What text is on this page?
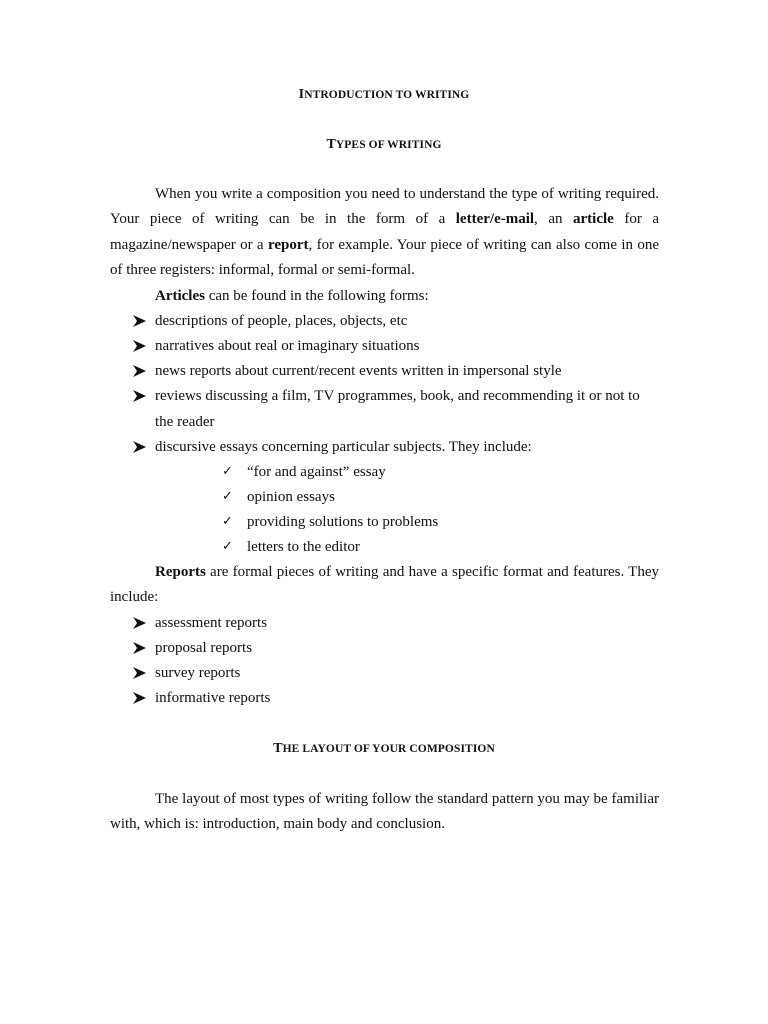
INTRODUCTION TO WRITING
TYPES OF WRITING

When you write a composition you need to understand the type of writing required. Your piece of writing can be in the form of a letter/e-mail, an article for a magazine/newspaper or a report, for example. Your piece of writing can also come in one of three registers: informal, formal or semi-formal.

Articles can be found in the following forms:
descriptions of people, places, objects, etc
narratives about real or imaginary situations
news reports about current/recent events written in impersonal style
reviews discussing a film, TV programmes, book, and recommending it or not to
the reader
discursive essays concerning particular subjects. They include:
✓ “for and against” essay
✓ opinion essays
✓ providing solutions to problems
✓ letters to the editor

Reports are formal pieces of writing and have a specific format and features. They include:

assessment reports
proposal reports
survey reports
informative reports
THE LAYOUT OF YOUR COMPOSITION

The layout of most types of writing follow the standard pattern you may be familiar with, which is: introduction, main body and conclusion.
